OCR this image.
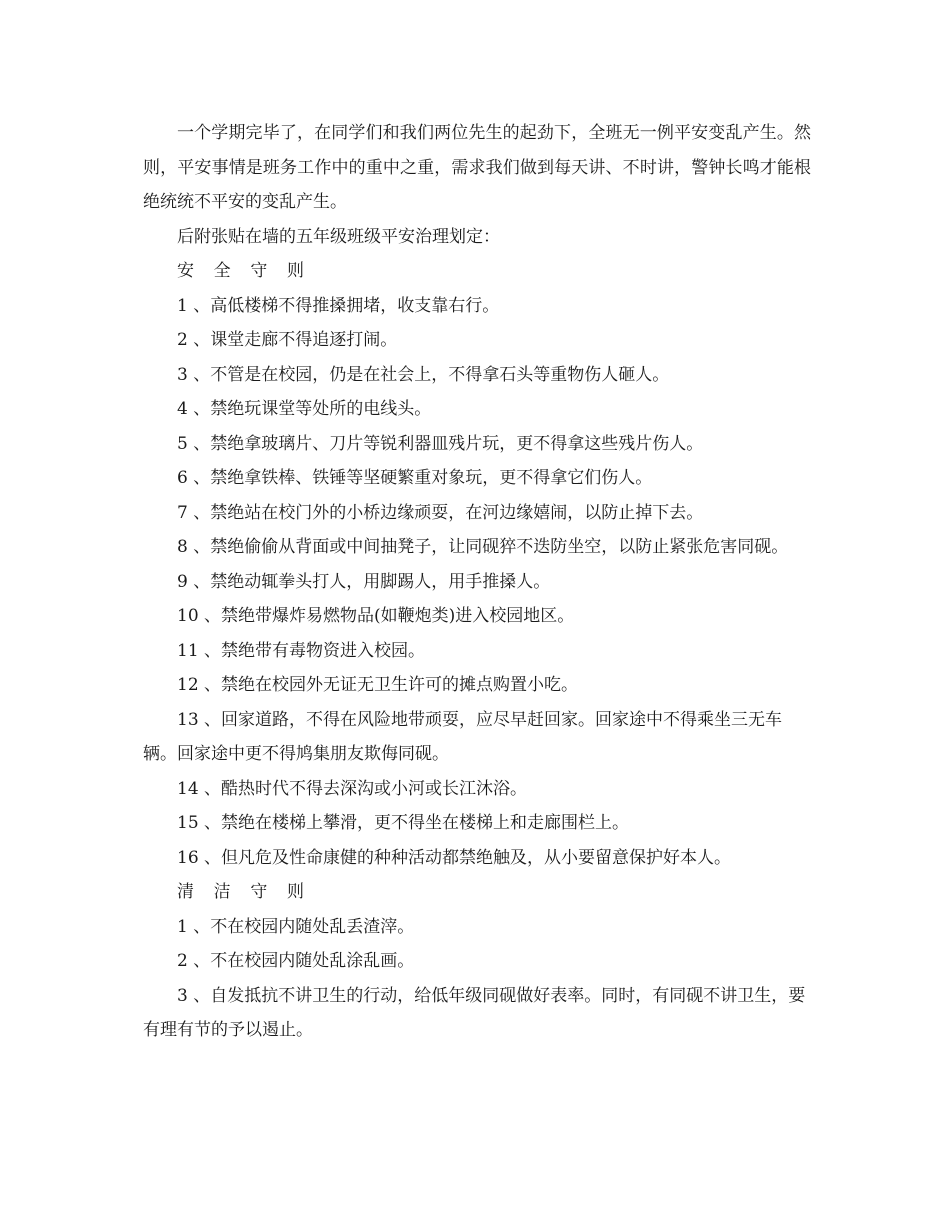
一个学期完毕了，在同学们和我们两位先生的起劲下，全班无一例平安变乱产生。然则，平安事情是班务工作中的重中之重，需求我们做到每天讲、不时讲，警钟长鸣才能根绝统统不平安的变乱产生。

后附张贴在墙的五年级班级平安治理划定：

安 全 守 则

1 、高低楼梯不得推搡拥堵，收支靠右行。

2 、课堂走廊不得追逐打闹。

3 、不管是在校园，仍是在社会上，不得拿石头等重物伤人砸人。

4 、禁绝玩课堂等处所的电线头。

5 、禁绝拿玻璃片、刀片等锐利器皿残片玩，更不得拿这些残片伤人。

6 、禁绝拿铁棒、铁锤等坚硬繁重对象玩，更不得拿它们伤人。

7 、禁绝站在校门外的小桥边缘顽耍，在河边缘嬉闹，以防止掉下去。

8 、禁绝偷偷从背面或中间抽凳子，让同砚猝不迭防坐空，以防止紧张危害同砚。

9 、禁绝动辄拳头打人，用脚踢人，用手推搡人。

10 、禁绝带爆炸易燃物品(如鞭炮类)进入校园地区。

11 、禁绝带有毒物资进入校园。

12 、禁绝在校园外无证无卫生许可的摊点购置小吃。

13 、回家道路，不得在风险地带顽耍，应尽早赶回家。回家途中不得乘坐三无车辆。回家途中更不得鸠集朋友欺侮同砚。

14 、酷热时代不得去深沟或小河或长江沐浴。

15 、禁绝在楼梯上攀滑，更不得坐在楼梯上和走廊围栏上。

16 、但凡危及性命康健的种种活动都禁绝触及，从小要留意保护好本人。

清 洁 守 则

1 、不在校园内随处乱丢渣滓。

2 、不在校园内随处乱涂乱画。

3 、自发抵抗不讲卫生的行动，给低年级同砚做好表率。同时，有同砚不讲卫生，要有理有节的予以遏止。
